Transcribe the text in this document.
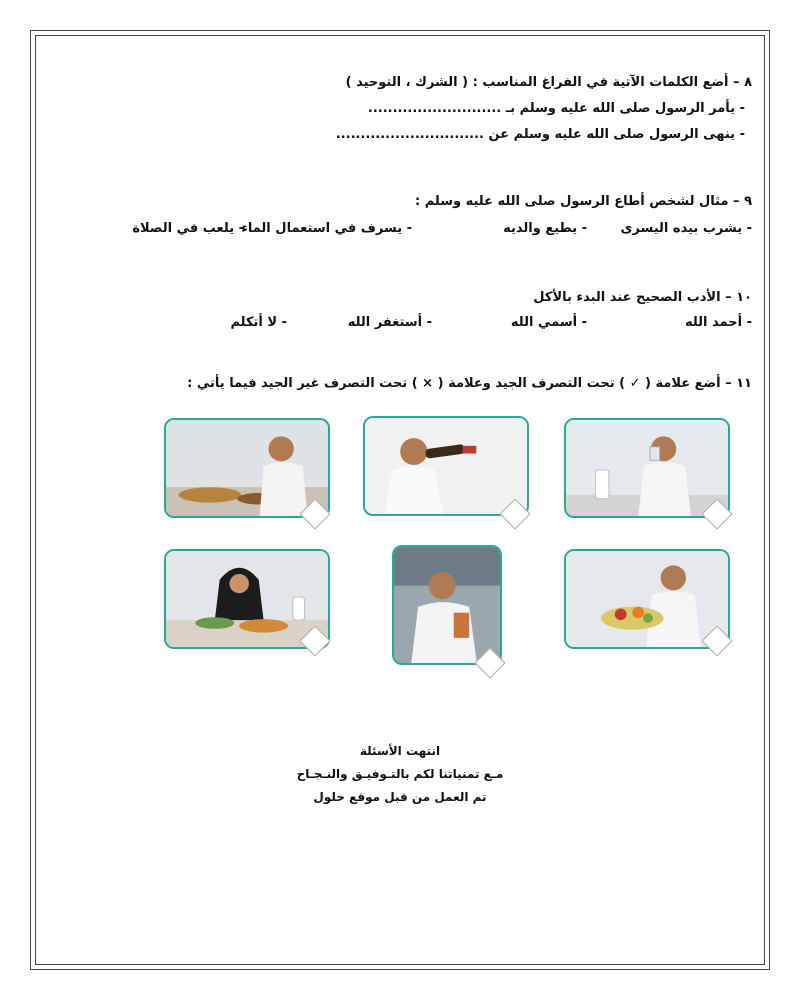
٨ – أضع الكلمات الآتية في الفراغ المناسب : ( الشرك ، التوحيد )
- يأمر الرسول صلى الله عليه وسلم بـ ...........................
- ينهى الرسول صلى الله عليه وسلم عن ..............................
٩ – مثال لشخص أطاع الرسول صلى الله عليه وسلم :
- يشرب بيده اليسرى
- يطيع والديه
- يسرف في استعمال الماء
- يلعب في الصلاة
١٠ – الأدب الصحيح عند البدء بالأكل
- أحمد الله
- أسمي الله
- أستغفر الله
- لا أتكلم
١١ – أضع علامة ( ✓ ) تحت التصرف الجيد وعلامة ( × ) تحت التصرف غير الجيد فيما يأتي :
انتهت الأسئلة
مـع تمنياتنا لكم بالتـوفيـق والنـجـاح
تم العمل من قبل موقع حلول
